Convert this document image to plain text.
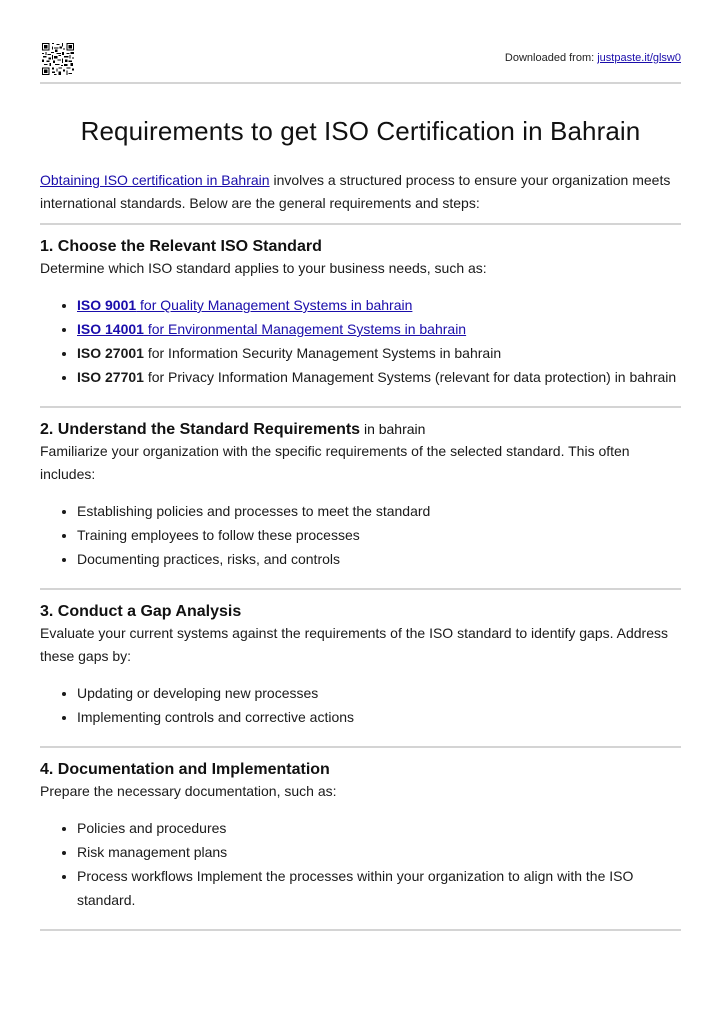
Downloaded from: justpaste.it/glsw0
Requirements to get ISO Certification in Bahrain

Obtaining ISO certification in Bahrain involves a structured process to ensure your organization meets international standards. Below are the general requirements and steps:

1. Choose the Relevant ISO Standard

Determine which ISO standard applies to your business needs, such as:

• ISO 9001 for Quality Management Systems in bahrain
• ISO 14001 for Environmental Management Systems in bahrain
• ISO 27001 for Information Security Management Systems in bahrain
• ISO 27701 for Privacy Information Management Systems (relevant for data protection) in bahrain
2. Understand the Standard Requirements in bahrain

Familiarize your organization with the specific requirements of the selected standard. This often includes:

• Establishing policies and processes to meet the standard
• Training employees to follow these processes
• Documenting practices, risks, and controls
3. Conduct a Gap Analysis

Evaluate your current systems against the requirements of the ISO standard to identify gaps. Address these gaps by:

• Updating or developing new processes
• Implementing controls and corrective actions
4. Documentation and Implementation

Prepare the necessary documentation, such as:

• Policies and procedures
• Risk management plans
• Process workflows Implement the processes within your organization to align with the ISO standard.
